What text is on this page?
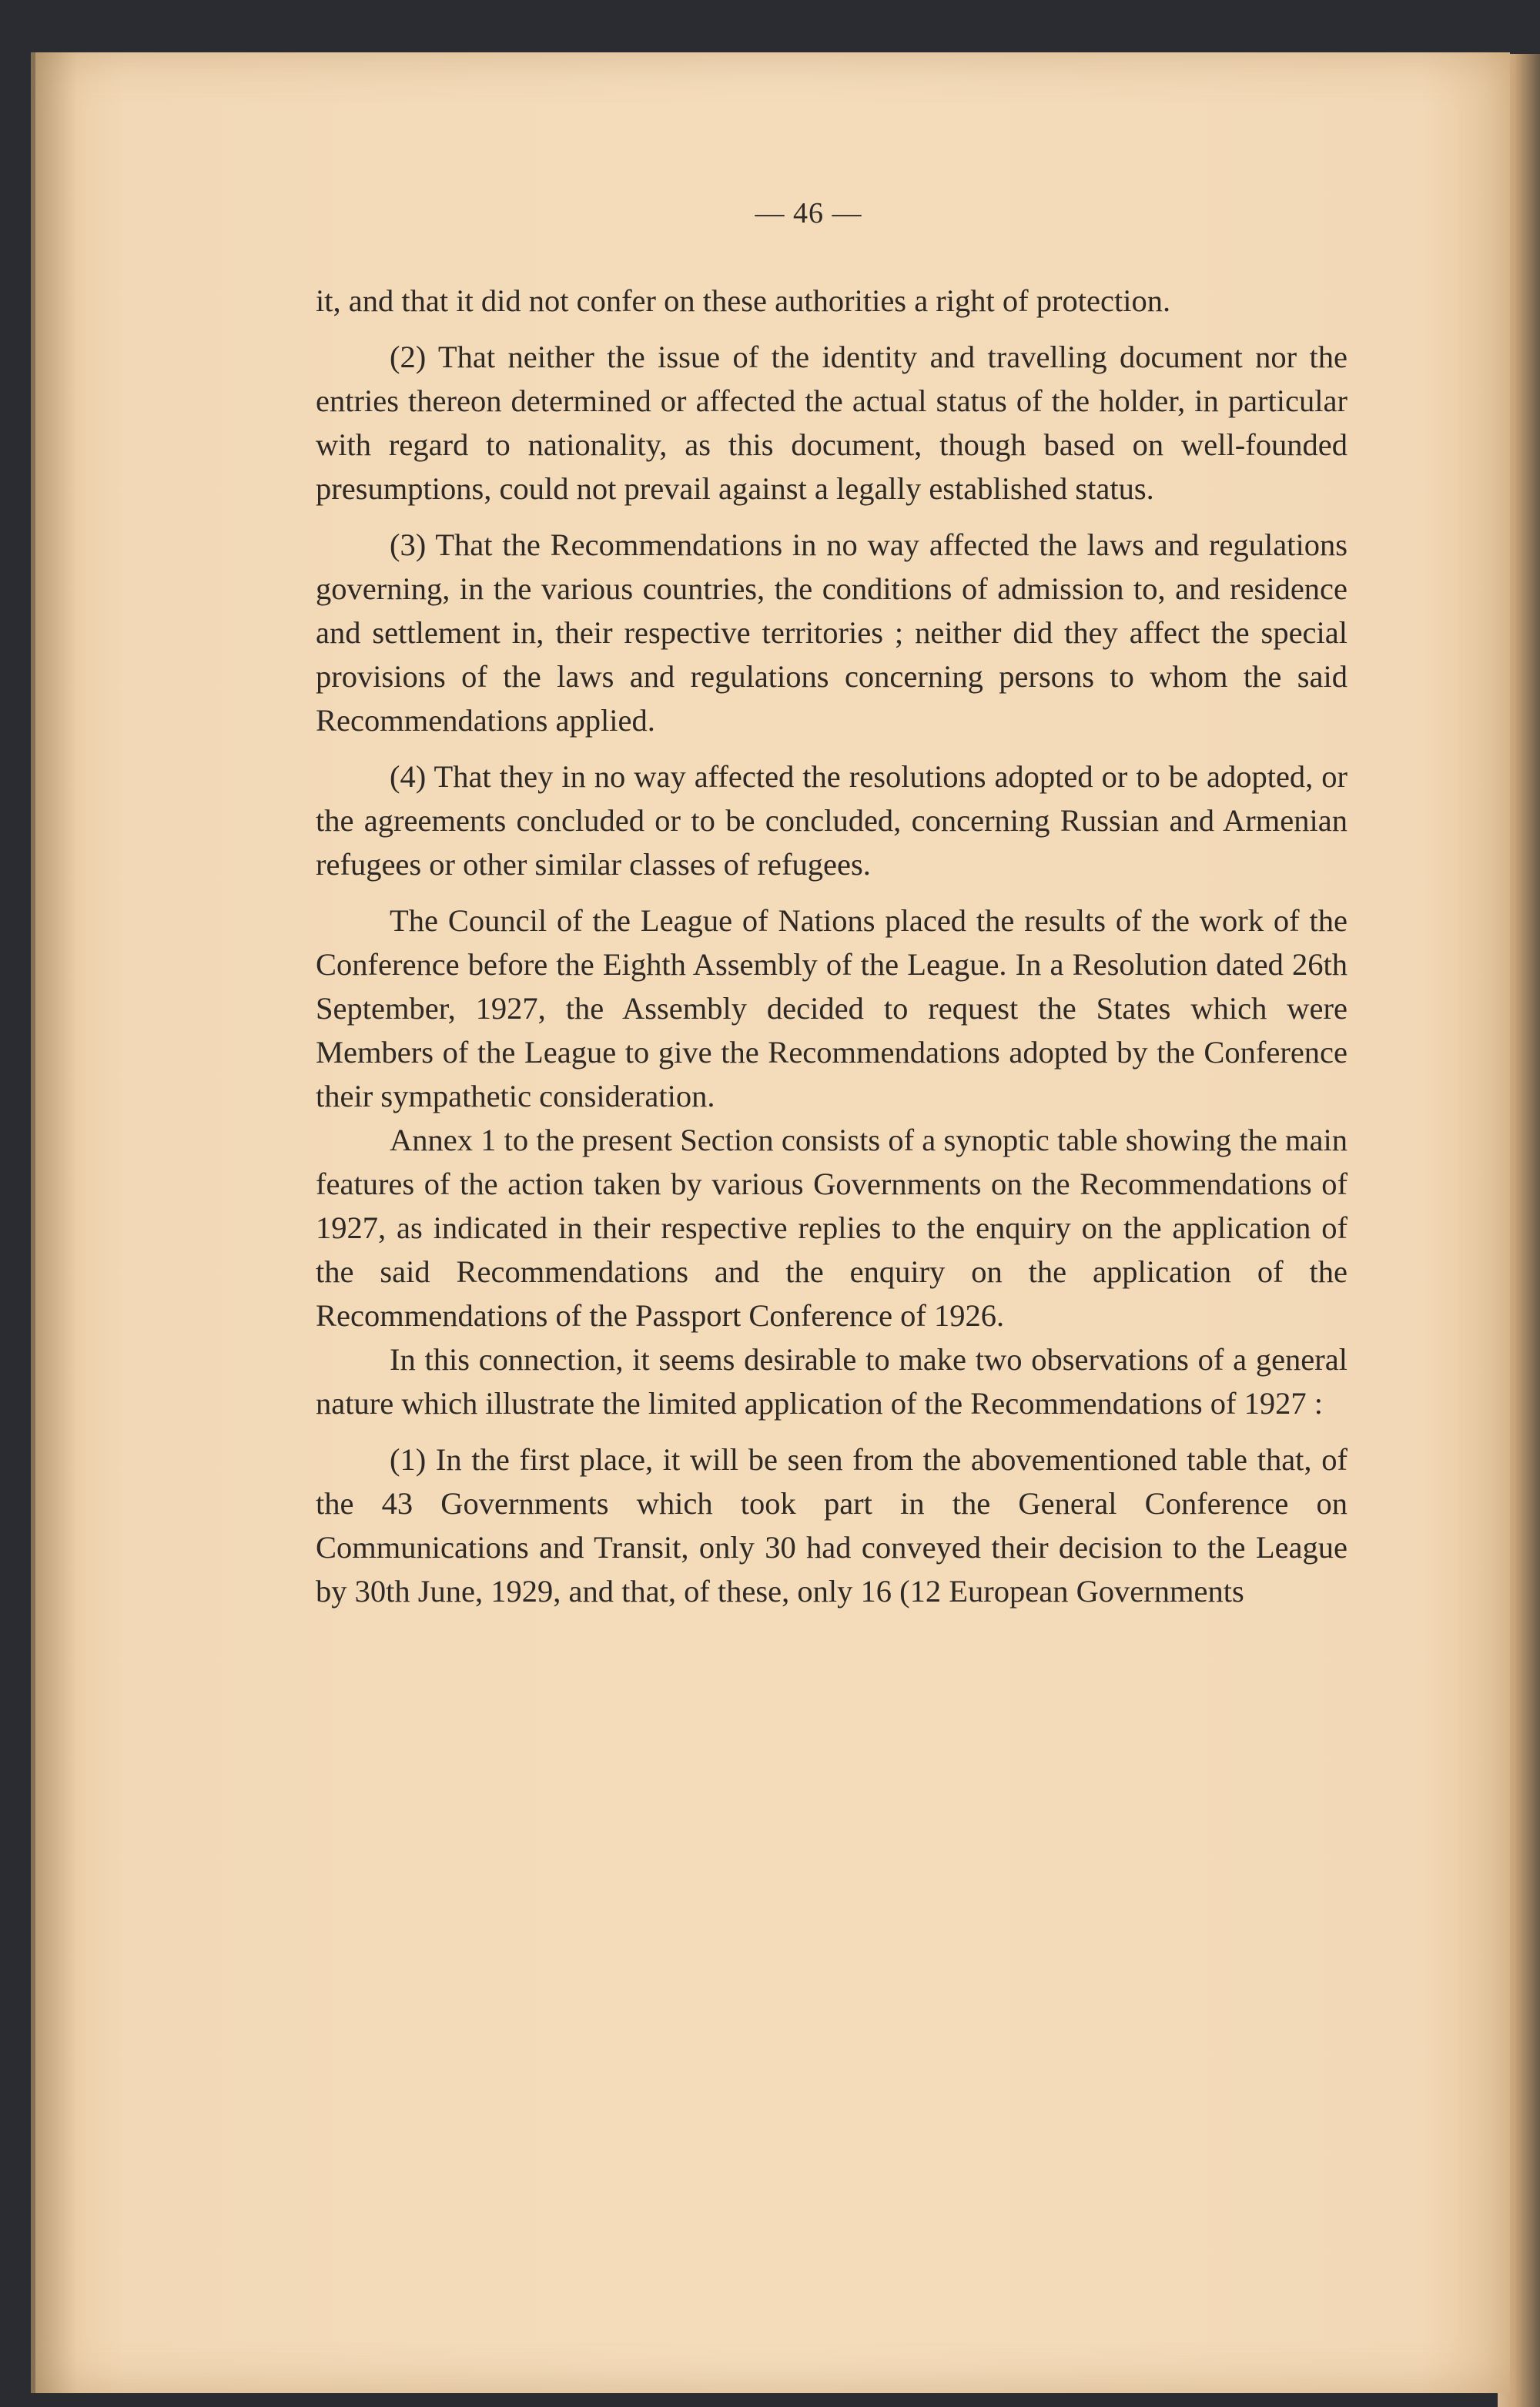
— 46 —

it, and that it did not confer on these authorities a right of protection.

(2) That neither the issue of the identity and travelling document nor the entries thereon determined or affected the actual status of the holder, in particular with regard to nationality, as this document, though based on well-founded presumptions, could not prevail against a legally established status.

(3) That the Recommendations in no way affected the laws and regulations governing, in the various countries, the conditions of admission to, and residence and settlement in, their respective territories ; neither did they affect the special provisions of the laws and regulations concerning persons to whom the said Recommendations applied.

(4) That they in no way affected the resolutions adopted or to be adopted, or the agreements concluded or to be concluded, concerning Russian and Armenian refugees or other similar classes of refugees.

The Council of the League of Nations placed the results of the work of the Conference before the Eighth Assembly of the League. In a Resolution dated 26th September, 1927, the Assembly decided to request the States which were Members of the League to give the Recommendations adopted by the Conference their sympathetic consideration.

Annex 1 to the present Section consists of a synoptic table showing the main features of the action taken by various Governments on the Recommendations of 1927, as indicated in their respective replies to the enquiry on the application of the said Recommendations and the enquiry on the application of the Recommendations of the Passport Conference of 1926.

In this connection, it seems desirable to make two observations of a general nature which illustrate the limited application of the Recommendations of 1927 :

(1) In the first place, it will be seen from the abovementioned table that, of the 43 Governments which took part in the General Conference on Communications and Transit, only 30 had conveyed their decision to the League by 30th June, 1929, and that, of these, only 16 (12 European Governments
